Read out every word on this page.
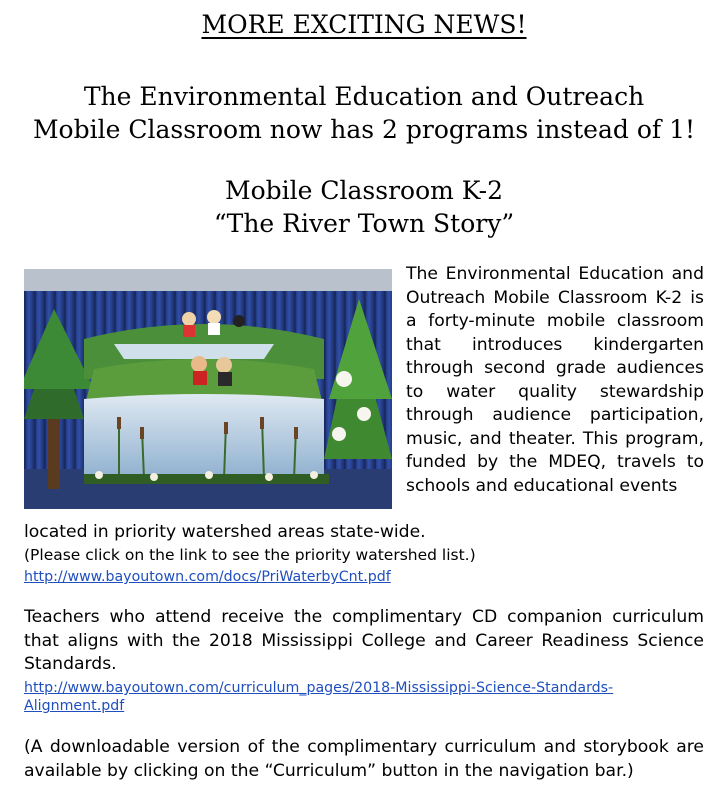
MORE EXCITING NEWS!
The Environmental Education and Outreach
Mobile Classroom now has 2 programs instead of 1!
Mobile Classroom K-2
“The River Town Story”
The Environmental Education and Outreach Mobile Classroom K-2 is a forty-minute mobile classroom that introduces kindergarten through second grade audiences to water quality stewardship through audience participation, music, and theater. This program, funded by the MDEQ, travels to schools and educational events
located in priority watershed areas state-wide.
(Please click on the link to see the priority watershed list.)
http://www.bayoutown.com/docs/PriWaterbyCnt.pdf
Teachers who attend receive the complimentary CD companion curriculum that aligns with the 2018 Mississippi College and Career Readiness Science Standards.
http://www.bayoutown.com/curriculum_pages/2018-Mississippi-Science-Standards-
Alignment.pdf
(A downloadable version of the complimentary curriculum and storybook are available by clicking on the “Curriculum” button in the navigation bar.)
